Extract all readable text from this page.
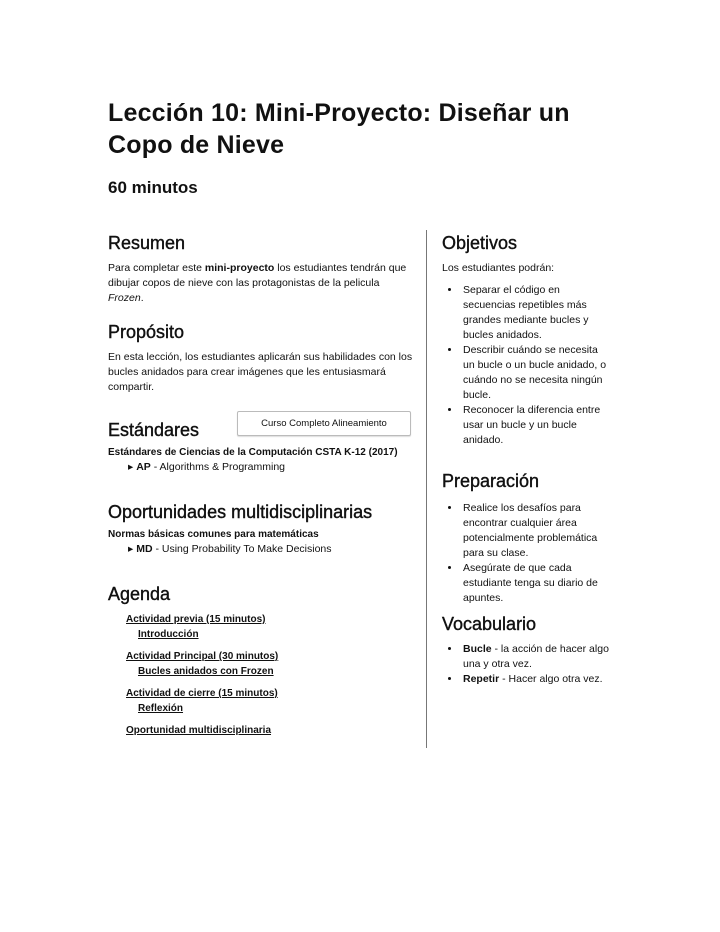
Lección 10: Mini-Proyecto: Diseñar un Copo de Nieve
60 minutos
Resumen

Para completar este mini-proyecto los estudiantes tendrán que dibujar copos de nieve con las protagonistas de la pelicula Frozen.

Propósito

En esta lección, los estudiantes aplicarán sus habilidades con los bucles anidados para crear imágenes que les entusiasmará compartir.

Estándares
Estándares de Ciencias de la Computación CSTA K-12 (2017)
▸ AP - Algorithms & Programming
Curso Completo Alineamiento
Oportunidades multidisciplinarias
Normas básicas comunes para matemáticas
▸ MD - Using Probability To Make Decisions
Agenda
Actividad previa (15 minutos)
Introducción
Actividad Principal (30 minutos)
Bucles anidados con Frozen
Actividad de cierre (15 minutos)
Reflexión
Oportunidad multidisciplinaria
Objetivos

Los estudiantes podrán:

• Separar el código en secuencias repetibles más grandes mediante bucles y bucles anidados.
• Describir cuándo se necesita un bucle o un bucle anidado, o cuándo no se necesita ningún bucle.
• Reconocer la diferencia entre usar un bucle y un bucle anidado.
Preparación
• Realice los desafíos para encontrar cualquier área potencialmente problemática para su clase.
• Asegúrate de que cada estudiante tenga su diario de apuntes.
Vocabulario
• Bucle - la acción de hacer algo una y otra vez.
• Repetir - Hacer algo otra vez.
